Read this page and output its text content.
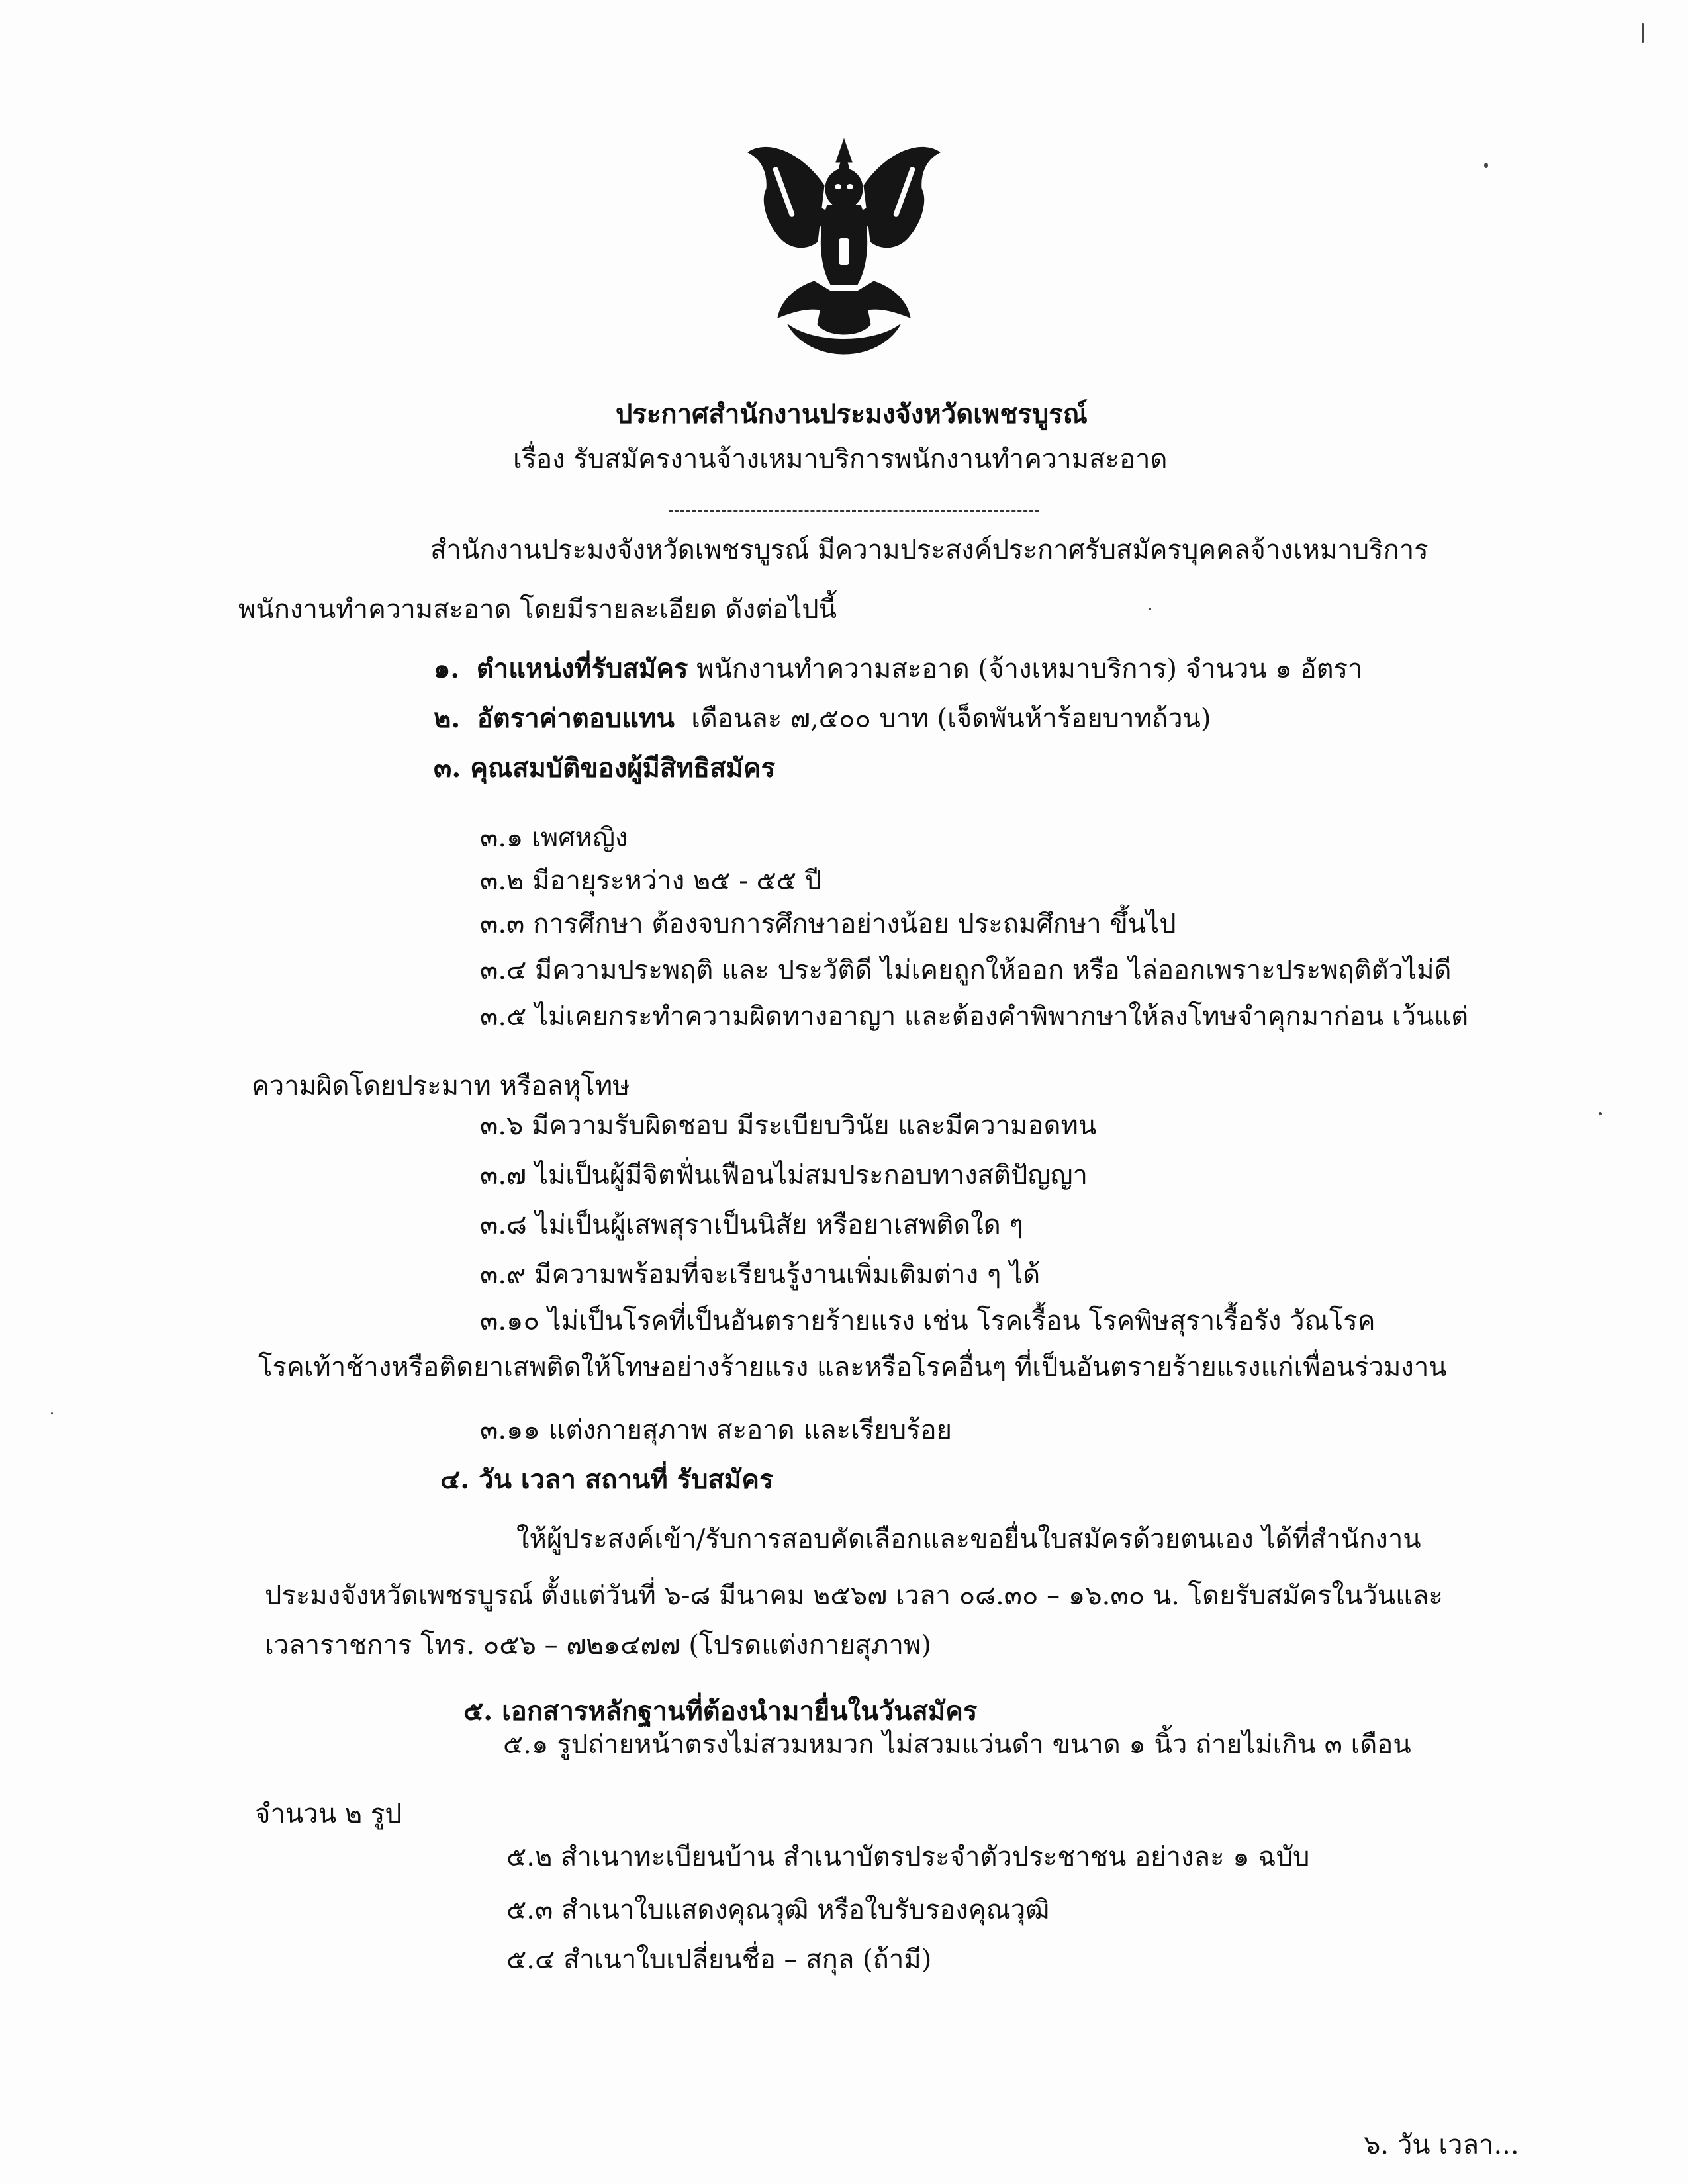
ประกาศสำนักงานประมงจังหวัดเพชรบูรณ์
เรื่อง รับสมัครงานจ้างเหมาบริการพนักงานทำความสะอาด
สำนักงานประมงจังหวัดเพชรบูรณ์ มีความประสงค์ประกาศรับสมัครบุคคลจ้างเหมาบริการ
พนักงานทำความสะอาด โดยมีรายละเอียด ดังต่อไปนี้
๑. ตำแหน่งที่รับสมัคร พนักงานทำความสะอาด (จ้างเหมาบริการ) จำนวน ๑ อัตรา
๒. อัตราค่าตอบแทน เดือนละ ๗,๕๐๐ บาท (เจ็ดพันห้าร้อยบาทถ้วน)
๓. คุณสมบัติของผู้มีสิทธิสมัคร
๓.๑ เพศหญิง
๓.๒ มีอายุระหว่าง ๒๕ - ๕๕ ปี
๓.๓ การศึกษา ต้องจบการศึกษาอย่างน้อย ประถมศึกษา ขึ้นไป
๓.๔ มีความประพฤติ และ ประวัติดี ไม่เคยถูกให้ออก หรือ ไล่ออกเพราะประพฤติตัวไม่ดี
๓.๕ ไม่เคยกระทำความผิดทางอาญา และต้องคำพิพากษาให้ลงโทษจำคุกมาก่อน เว้นแต่
ความผิดโดยประมาท หรือลหุโทษ
๓.๖ มีความรับผิดชอบ มีระเบียบวินัย และมีความอดทน
๓.๗ ไม่เป็นผู้มีจิตฟั่นเฟือนไม่สมประกอบทางสติปัญญา
๓.๘ ไม่เป็นผู้เสพสุราเป็นนิสัย หรือยาเสพติดใด ๆ
๓.๙ มีความพร้อมที่จะเรียนรู้งานเพิ่มเติมต่าง ๆ ได้
๓.๑๐ ไม่เป็นโรคที่เป็นอันตรายร้ายแรง เช่น โรคเรื้อน โรคพิษสุราเรื้อรัง วัณโรค
โรคเท้าช้างหรือติดยาเสพติดให้โทษอย่างร้ายแรง และหรือโรคอื่นๆ ที่เป็นอันตรายร้ายแรงแก่เพื่อนร่วมงาน
๓.๑๑ แต่งกายสุภาพ สะอาด และเรียบร้อย
๔. วัน เวลา สถานที่ รับสมัคร
ให้ผู้ประสงค์เข้า/รับการสอบคัดเลือกและขอยื่นใบสมัครด้วยตนเอง ได้ที่สำนักงาน
ประมงจังหวัดเพชรบูรณ์ ตั้งแต่วันที่ ๖-๘ มีนาคม ๒๕๖๗ เวลา ๐๘.๓๐ – ๑๖.๓๐ น. โดยรับสมัครในวันและ
เวลาราชการ โทร. ๐๕๖ – ๗๒๑๔๗๗ (โปรดแต่งกายสุภาพ)
๕. เอกสารหลักฐานที่ต้องนำมายื่นในวันสมัคร
๕.๑ รูปถ่ายหน้าตรงไม่สวมหมวก ไม่สวมแว่นดำ ขนาด ๑ นิ้ว ถ่ายไม่เกิน ๓ เดือน
จำนวน ๒ รูป
๕.๒ สำเนาทะเบียนบ้าน สำเนาบัตรประจำตัวประชาชน อย่างละ ๑ ฉบับ
๕.๓ สำเนาใบแสดงคุณวุฒิ หรือใบรับรองคุณวุฒิ
๕.๔ สำเนาใบเปลี่ยนชื่อ – สกุล (ถ้ามี)
๖. วัน เวลา...
